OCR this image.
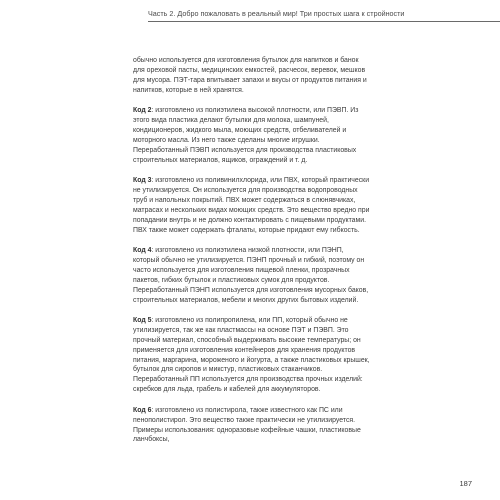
Часть 2. Добро пожаловать в реальный мир! Три простых шага к стройности

обычно используется для изготовления бутылок для напитков и банок для ореховой пасты, медицинских емкостей, расчесок, веревок, мешков для мусора. ПЭТ-тара впитывает запахи и вкусы от продуктов питания и напитков, которые в ней хранятся.

Код 2: изготовлено из полиэтилена высокой плотности, или ПЭВП. Из этого вида пластика делают бутылки для молока, шампуней, кондиционеров, жидкого мыла, моющих средств, отбеливателей и моторного масла. Из него также сделаны многие игрушки. Переработанный ПЭВП используется для производства пластиковых строительных материалов, ящиков, ограждений и т. д.

Код 3: изготовлено из поливинилхлорида, или ПВХ, который практически не утилизируется. Он используется для производства водопроводных труб и напольных покрытий. ПВХ может содержаться в слюнявчиках, матрасах и нескольких видах моющих средств. Это вещество вредно при попадании внутрь и не должно контактировать с пищевыми продуктами. ПВХ также может содержать фталаты, которые придают ему гибкость.

Код 4: изготовлено из полиэтилена низкой плотности, или ПЭНП, который обычно не утилизируется. ПЭНП прочный и гибкий, поэтому он часто используется для изготовления пищевой пленки, прозрачных пакетов, гибких бутылок и пластиковых сумок для продуктов. Переработанный ПЭНП используется для изготовления мусорных баков, строительных материалов, мебели и многих других бытовых изделий.

Код 5: изготовлено из полипропилена, или ПП, который обычно не утилизируется, так же как пластмассы на основе ПЭТ и ПЭВП. Это прочный материал, способный выдерживать высокие температуры; он применяется для изготовления контейнеров для хранения продуктов питания, маргарина, мороженого и йогурта, а также пластиковых крышек, бутылок для сиропов и микстур, пластиковых стаканчиков. Переработанный ПП используется для производства прочных изделий: скребков для льда, грабель и кабелей для аккумуляторов.

Код 6: изготовлено из полистирола, также известного как ПС или пенополистирол. Это вещество также практически не утилизируется. Примеры использования: одноразовые кофейные чашки, пластиковые ланчбоксы,

187
